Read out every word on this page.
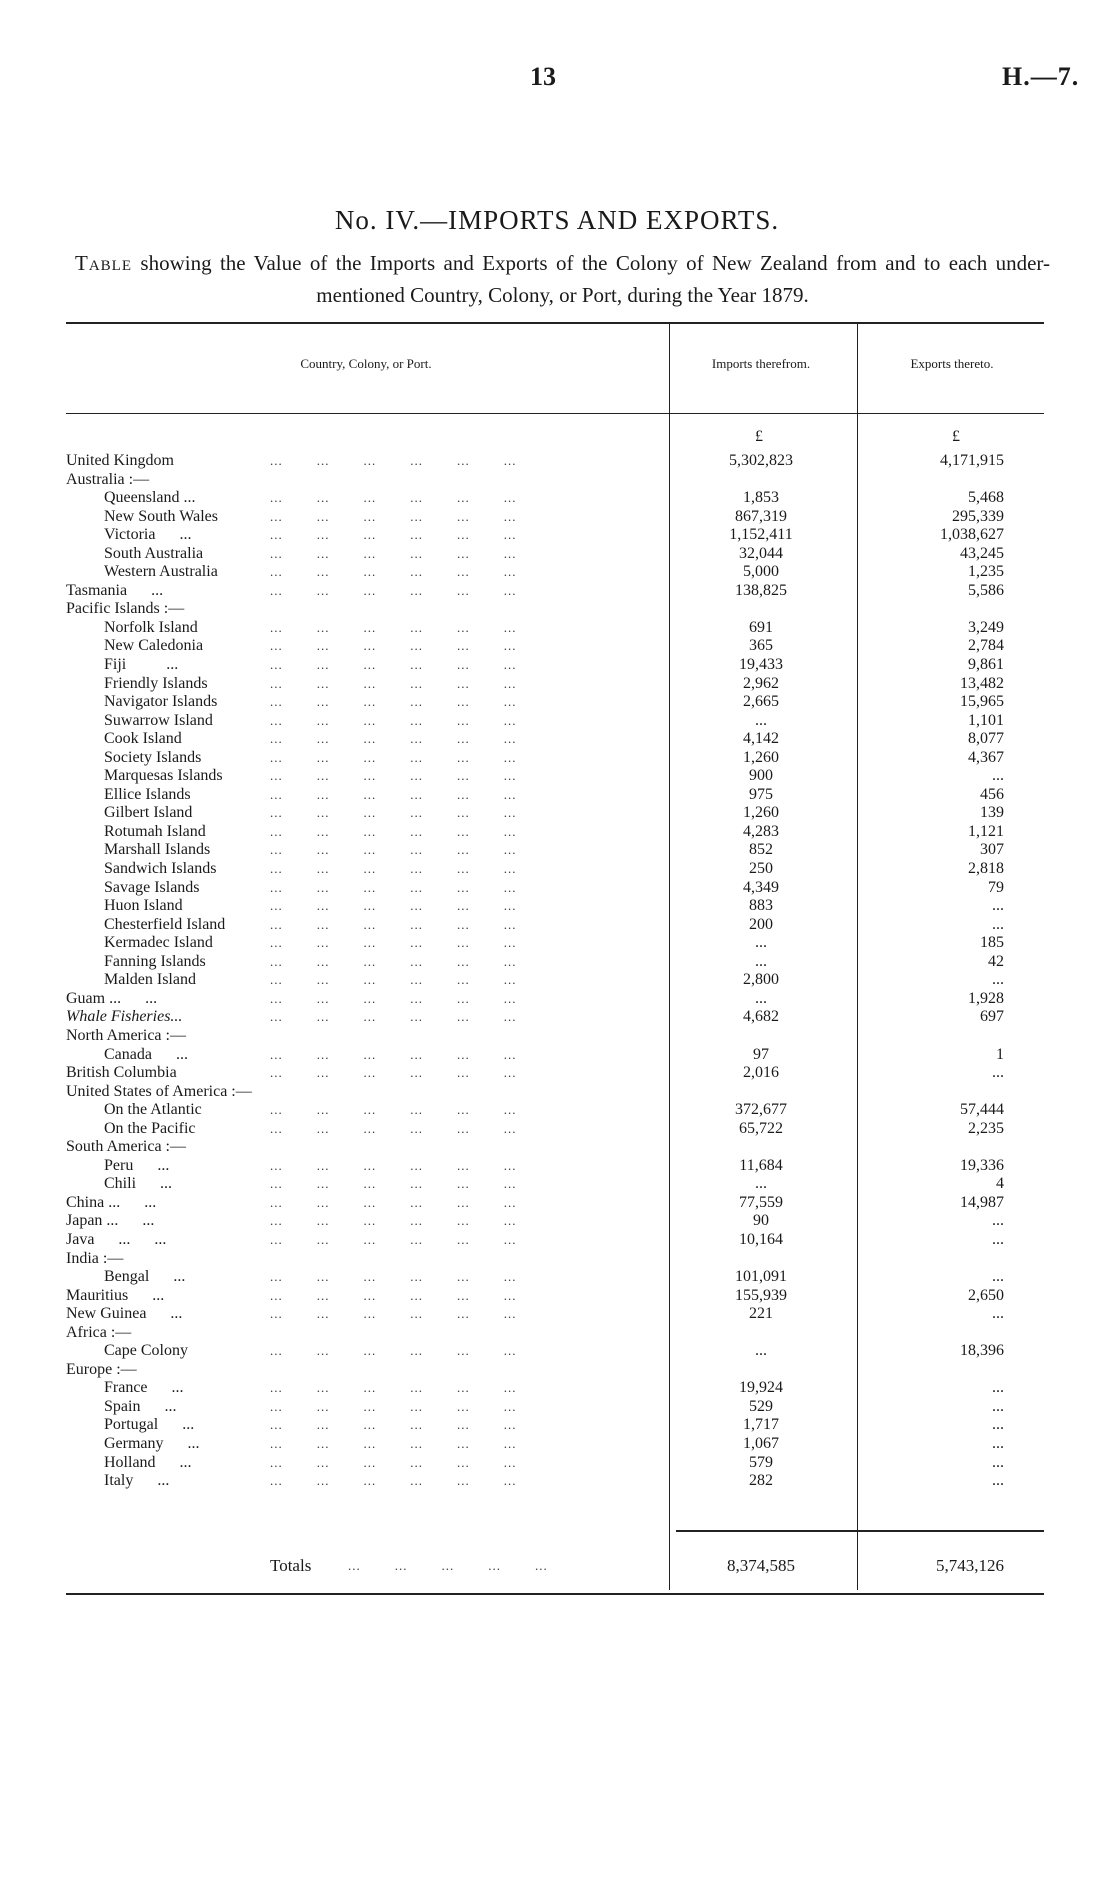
13	H.—7.
No. IV.—IMPORTS AND EXPORTS.
Table showing the Value of the Imports and Exports of the Colony of New Zealand from and to each under-mentioned Country, Colony, or Port, during the Year 1879.
Country, Colony, or Port.	Imports therefrom.	Exports thereto.
£	£
United Kingdom	...        ...        ...        ...        ...        ...	5,302,823	4,171,915
Australia :—
Queensland ...	...        ...        ...        ...        ...        ...	1,853	5,468
New South Wales	...        ...        ...        ...        ...        ...	867,319	295,339
Victoria      ...	...        ...        ...        ...        ...        ...	1,152,411	1,038,627
South Australia	...        ...        ...        ...        ...        ...	32,044	43,245
Western Australia	...        ...        ...        ...        ...        ...	5,000	1,235
Tasmania      ...	...        ...        ...        ...        ...        ...	138,825	5,586
Pacific Islands :—
Norfolk Island	...        ...        ...        ...        ...        ...	691	3,249
New Caledonia	...        ...        ...        ...        ...        ...	365	2,784
Fiji          ...	...        ...        ...        ...        ...        ...	19,433	9,861
Friendly Islands	...        ...        ...        ...        ...        ...	2,962	13,482
Navigator Islands	...        ...        ...        ...        ...        ...	2,665	15,965
Suwarrow Island	...        ...        ...        ...        ...        ...	...	1,101
Cook Island	...        ...        ...        ...        ...        ...	4,142	8,077
Society Islands	...        ...        ...        ...        ...        ...	1,260	4,367
Marquesas Islands	...        ...        ...        ...        ...        ...	900	...
Ellice Islands	...        ...        ...        ...        ...        ...	975	456
Gilbert Island	...        ...        ...        ...        ...        ...	1,260	139
Rotumah Island	...        ...        ...        ...        ...        ...	4,283	1,121
Marshall Islands	...        ...        ...        ...        ...        ...	852	307
Sandwich Islands	...        ...        ...        ...        ...        ...	250	2,818
Savage Islands	...        ...        ...        ...        ...        ...	4,349	79
Huon Island	...        ...        ...        ...        ...        ...	883	...
Chesterfield Island	...        ...        ...        ...        ...        ...	200	...
Kermadec Island	...        ...        ...        ...        ...        ...	...	185
Fanning Islands	...        ...        ...        ...        ...        ...	...	42
Malden Island	...        ...        ...        ...        ...        ...	2,800	...
Guam ...      ...	...        ...        ...        ...        ...        ...	...	1,928
Whale Fisheries...	...        ...        ...        ...        ...        ...	4,682	697
North America :—
Canada      ...	...        ...        ...        ...        ...        ...	97	1
British Columbia	...        ...        ...        ...        ...        ...	2,016	...
United States of America :—
On the Atlantic	...        ...        ...        ...        ...        ...	372,677	57,444
On the Pacific	...        ...        ...        ...        ...        ...	65,722	2,235
South America :—
Peru      ...	...        ...        ...        ...        ...        ...	11,684	19,336
Chili      ...	...        ...        ...        ...        ...        ...	...	4
China ...      ...	...        ...        ...        ...        ...        ...	77,559	14,987
Japan ...      ...	...        ...        ...        ...        ...        ...	90	...
Java      ...      ...	...        ...        ...        ...        ...        ...	10,164	...
India :—
Bengal      ...	...        ...        ...        ...        ...        ...	101,091	...
Mauritius      ...	...        ...        ...        ...        ...        ...	155,939	2,650
New Guinea      ...	...        ...        ...        ...        ...        ...	221	...
Africa :—
Cape Colony	...        ...        ...        ...        ...        ...	...	18,396
Europe :—
France      ...	...        ...        ...        ...        ...        ...	19,924	...
Spain      ...	...        ...        ...        ...        ...        ...	529	...
Portugal      ...	...        ...        ...        ...        ...        ...	1,717	...
Germany      ...	...        ...        ...        ...        ...        ...	1,067	...
Holland      ...	...        ...        ...        ...        ...        ...	579	...
Italy      ...	...        ...        ...        ...        ...        ...	282	...
Totals	...        ...        ...        ...        ...	8,374,585	5,743,126
